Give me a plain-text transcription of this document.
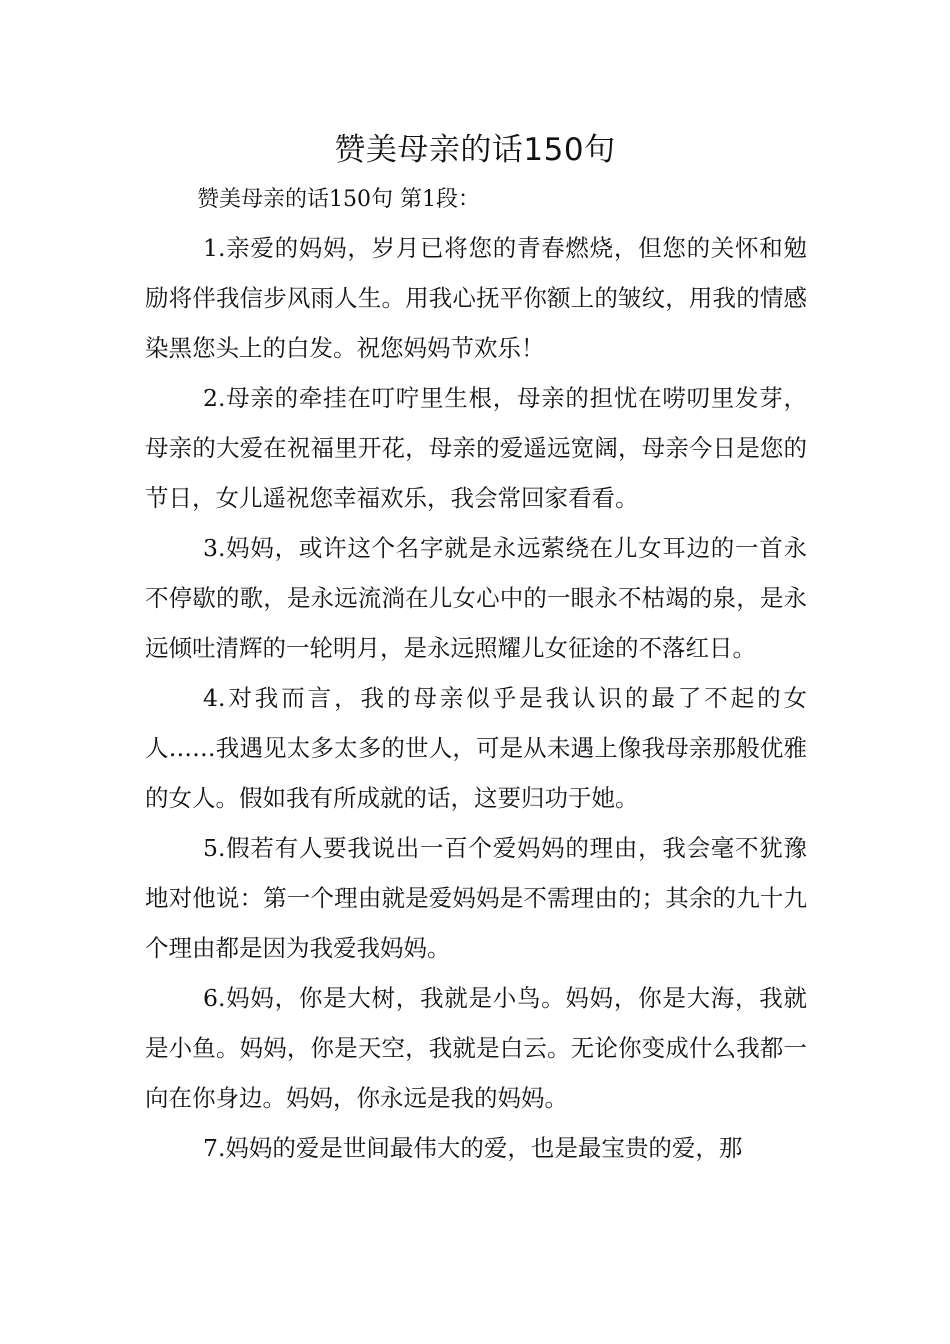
赞美母亲的话150句

赞美母亲的话150句 第1段：

1.亲爱的妈妈，岁月已将您的青春燃烧，但您的关怀和勉励将伴我信步风雨人生。用我心抚平你额上的皱纹，用我的情感染黑您头上的白发。祝您妈妈节欢乐！

2.母亲的牵挂在叮咛里生根，母亲的担忧在唠叨里发芽，母亲的大爱在祝福里开花，母亲的爱遥远宽阔，母亲今日是您的节日，女儿遥祝您幸福欢乐，我会常回家看看。

3.妈妈，或许这个名字就是永远萦绕在儿女耳边的一首永不停歇的歌，是永远流淌在儿女心中的一眼永不枯竭的泉，是永远倾吐清辉的一轮明月，是永远照耀儿女征途的不落红日。

4.对我而言，我的母亲似乎是我认识的最了不起的女人……我遇见太多太多的世人，可是从未遇上像我母亲那般优雅的女人。假如我有所成就的话，这要归功于她。

5.假若有人要我说出一百个爱妈妈的理由，我会毫不犹豫地对他说：第一个理由就是爱妈妈是不需理由的；其余的九十九个理由都是因为我爱我妈妈。

6.妈妈，你是大树，我就是小鸟。妈妈，你是大海，我就是小鱼。妈妈，你是天空，我就是白云。无论你变成什么我都一向在你身边。妈妈，你永远是我的妈妈。

7.妈妈的爱是世间最伟大的爱，也是最宝贵的爱，那
